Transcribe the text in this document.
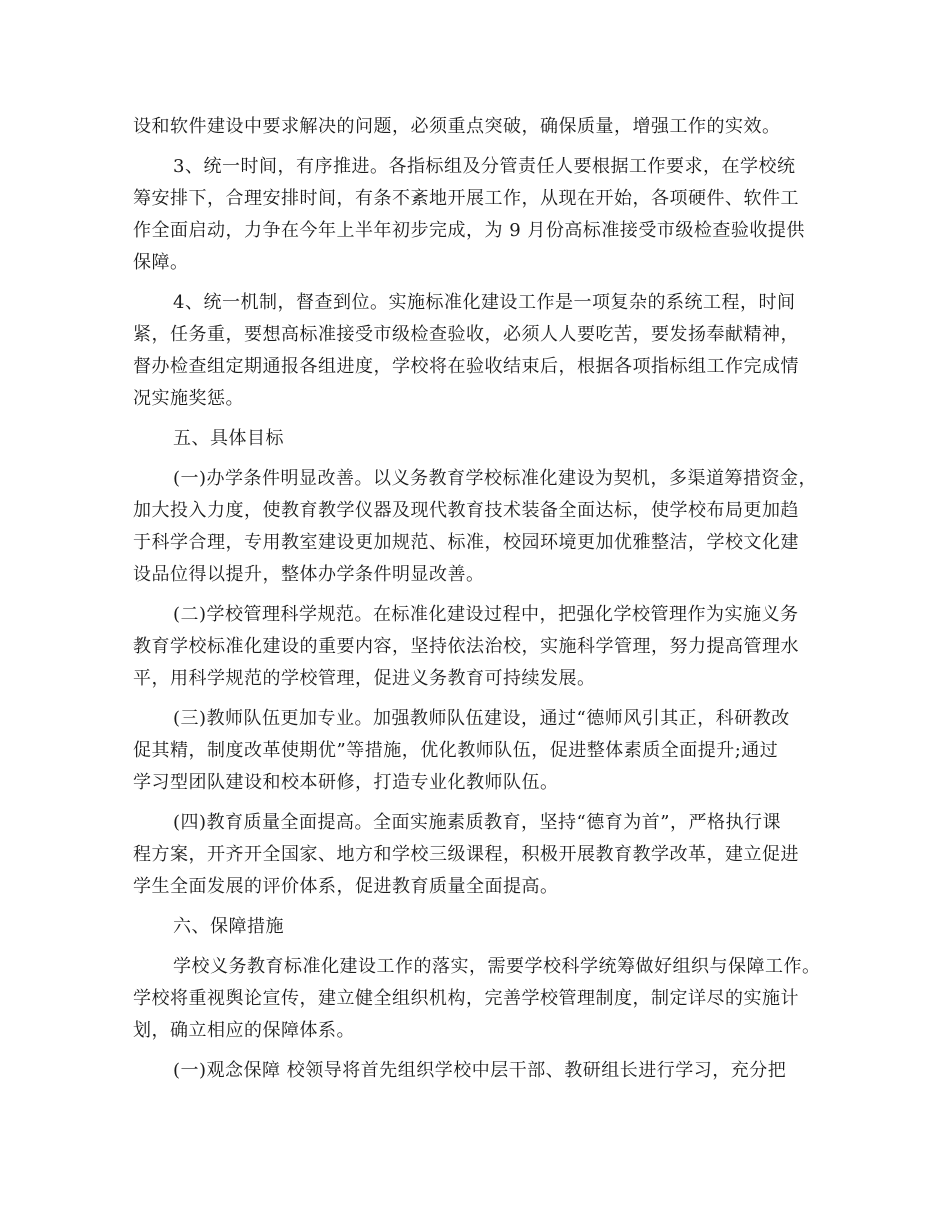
设和软件建设中要求解决的问题，必须重点突破，确保质量，增强工作的实效。

3、统一时间，有序推进。各指标组及分管责任人要根据工作要求，在学校统
筹安排下，合理安排时间，有条不紊地开展工作，从现在开始，各项硬件、软件工
作全面启动，力争在今年上半年初步完成，为 9 月份高标准接受市级检查验收提供
保障。

4、统一机制，督查到位。实施标准化建设工作是一项复杂的系统工程，时间
紧，任务重，要想高标准接受市级检查验收，必须人人要吃苦，要发扬奉献精神，
督办检查组定期通报各组进度，学校将在验收结束后，根据各项指标组工作完成情
况实施奖惩。

五、具体目标

(一)办学条件明显改善。以义务教育学校标准化建设为契机，多渠道筹措资金，
加大投入力度，使教育教学仪器及现代教育技术装备全面达标，使学校布局更加趋
于科学合理，专用教室建设更加规范、标准，校园环境更加优雅整洁，学校文化建
设品位得以提升，整体办学条件明显改善。

(二)学校管理科学规范。在标准化建设过程中，把强化学校管理作为实施义务
教育学校标准化建设的重要内容，坚持依法治校，实施科学管理，努力提高管理水
平，用科学规范的学校管理，促进义务教育可持续发展。

(三)教师队伍更加专业。加强教师队伍建设，通过“德师风引其正，科研教改
促其精，制度改革使期优”等措施，优化教师队伍，促进整体素质全面提升;通过
学习型团队建设和校本研修，打造专业化教师队伍。

(四)教育质量全面提高。全面实施素质教育，坚持“德育为首”，严格执行课
程方案，开齐开全国家、地方和学校三级课程，积极开展教育教学改革，建立促进
学生全面发展的评价体系，促进教育质量全面提高。

六、保障措施

学校义务教育标准化建设工作的落实，需要学校科学统筹做好组织与保障工作。
学校将重视舆论宣传，建立健全组织机构，完善学校管理制度，制定详尽的实施计
划，确立相应的保障体系。

(一)观念保障 校领导将首先组织学校中层干部、教研组长进行学习，充分把
